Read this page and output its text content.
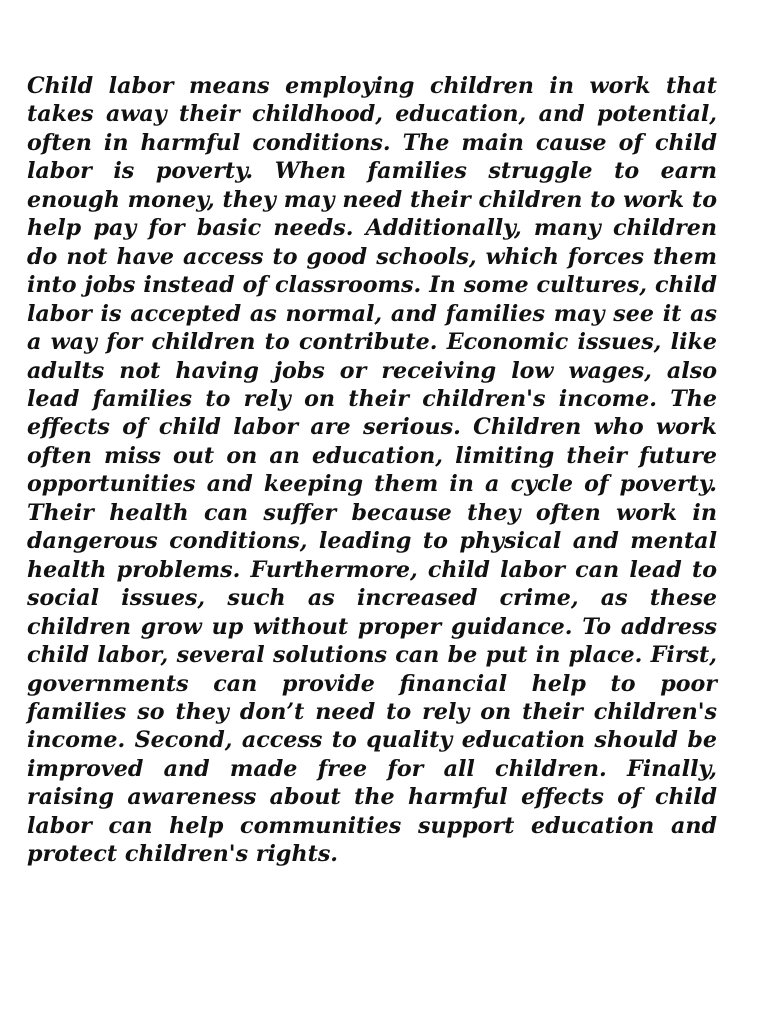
Child labor means employing children in work that takes away their childhood, education, and potential, often in harmful conditions. The main cause of child labor is poverty. When families struggle to earn enough money, they may need their children to work to help pay for basic needs. Additionally, many children do not have access to good schools, which forces them into jobs instead of classrooms. In some cultures, child labor is accepted as normal, and families may see it as a way for children to contribute. Economic issues, like adults not having jobs or receiving low wages, also lead families to rely on their children's income. The effects of child labor are serious. Children who work often miss out on an education, limiting their future opportunities and keeping them in a cycle of poverty. Their health can suffer because they often work in dangerous conditions, leading to physical and mental health problems. Furthermore, child labor can lead to social issues, such as increased crime, as these children grow up without proper guidance. To address child labor, several solutions can be put in place. First, governments can provide financial help to poor families so they don’t need to rely on their children's income. Second, access to quality education should be improved and made free for all children. Finally, raising awareness about the harmful effects of child labor can help communities support education and protect children's rights.
